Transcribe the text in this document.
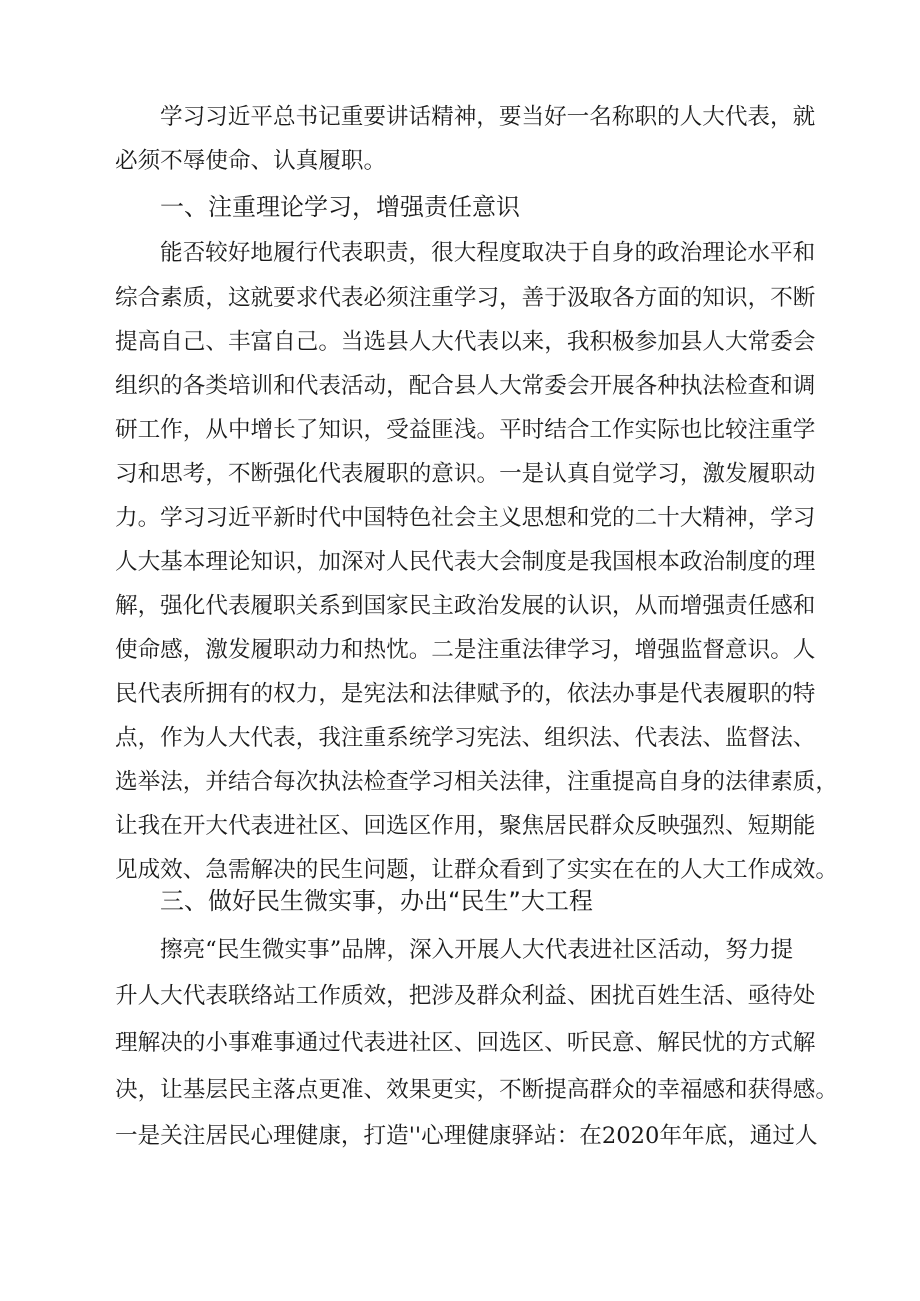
学习习近平总书记重要讲话精神，要当好一名称职的人大代表，就
必须不辱使命、认真履职。
一、注重理论学习，增强责任意识
能否较好地履行代表职责，很大程度取决于自身的政治理论水平和
综合素质，这就要求代表必须注重学习，善于汲取各方面的知识，不断
提高自己、丰富自己。当选县人大代表以来，我积极参加县人大常委会
组织的各类培训和代表活动，配合县人大常委会开展各种执法检查和调
研工作，从中增长了知识，受益匪浅。平时结合工作实际也比较注重学
习和思考，不断强化代表履职的意识。一是认真自觉学习，激发履职动
力。学习习近平新时代中国特色社会主义思想和党的二十大精神，学习
人大基本理论知识，加深对人民代表大会制度是我国根本政治制度的理
解，强化代表履职关系到国家民主政治发展的认识，从而增强责任感和
使命感，激发履职动力和热忱。二是注重法律学习，增强监督意识。人
民代表所拥有的权力，是宪法和法律赋予的，依法办事是代表履职的特
点，作为人大代表，我注重系统学习宪法、组织法、代表法、监督法、
选举法，并结合每次执法检查学习相关法律，注重提高自身的法律素质，
让我在开大代表进社区、回选区作用，聚焦居民群众反映强烈、短期能
见成效、急需解决的民生问题，让群众看到了实实在在的人大工作成效。
三、做好民生微实事，办出“民生”大工程
擦亮“民生微实事”品牌，深入开展人大代表进社区活动，努力提
升人大代表联络站工作质效，把涉及群众利益、困扰百姓生活、亟待处
理解决的小事难事通过代表进社区、回选区、听民意、解民忧的方式解
决，让基层民主落点更准、效果更实，不断提高群众的幸福感和获得感。
一是关注居民心理健康，打造''心理健康驿站：在2020年年底，通过人
